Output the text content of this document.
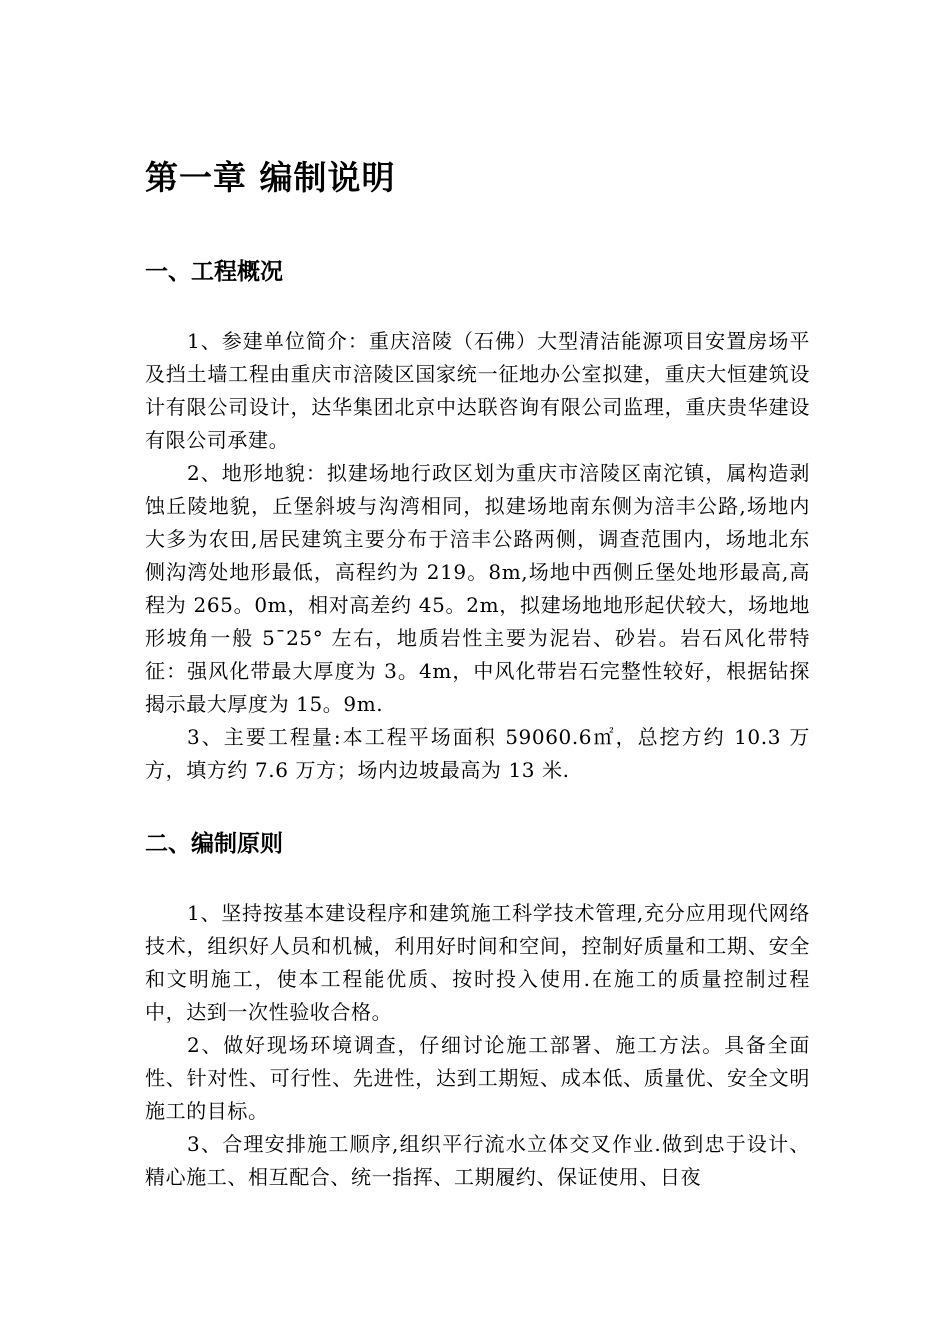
第一章 编制说明
一、工程概况

1、参建单位简介：重庆涪陵（石佛）大型清洁能源项目安置房场平及挡土墙工程由重庆市涪陵区国家统一征地办公室拟建，重庆大恒建筑设计有限公司设计，达华集团北京中达联咨询有限公司监理，重庆贵华建设有限公司承建。

2、地形地貌：拟建场地行政区划为重庆市涪陵区南沱镇，属构造剥蚀丘陵地貌，丘堡斜坡与沟湾相同，拟建场地南东侧为涪丰公路,场地内大多为农田,居民建筑主要分布于涪丰公路两侧，调查范围内，场地北东侧沟湾处地形最低，高程约为 219。8m,场地中西侧丘堡处地形最高,高程为 265。0m，相对高差约 45。2m，拟建场地地形起伏较大，场地地形坡角一般 5¯25° 左右，地质岩性主要为泥岩、砂岩。岩石风化带特征：强风化带最大厚度为 3。4m，中风化带岩石完整性较好，根据钻探揭示最大厚度为 15。9m.

3、主要工程量:本工程平场面积 59060.6㎡，总挖方约 10.3 万方，填方约 7.6 万方；场内边坡最高为 13 米.

二、编制原则

1、坚持按基本建设程序和建筑施工科学技术管理,充分应用现代网络技术，组织好人员和机械，利用好时间和空间，控制好质量和工期、安全和文明施工，使本工程能优质、按时投入使用.在施工的质量控制过程中，达到一次性验收合格。

2、做好现场环境调查，仔细讨论施工部署、施工方法。具备全面性、针对性、可行性、先进性，达到工期短、成本低、质量优、安全文明施工的目标。

3、合理安排施工顺序,组织平行流水立体交叉作业.做到忠于设计、精心施工、相互配合、统一指挥、工期履约、保证使用、日夜
